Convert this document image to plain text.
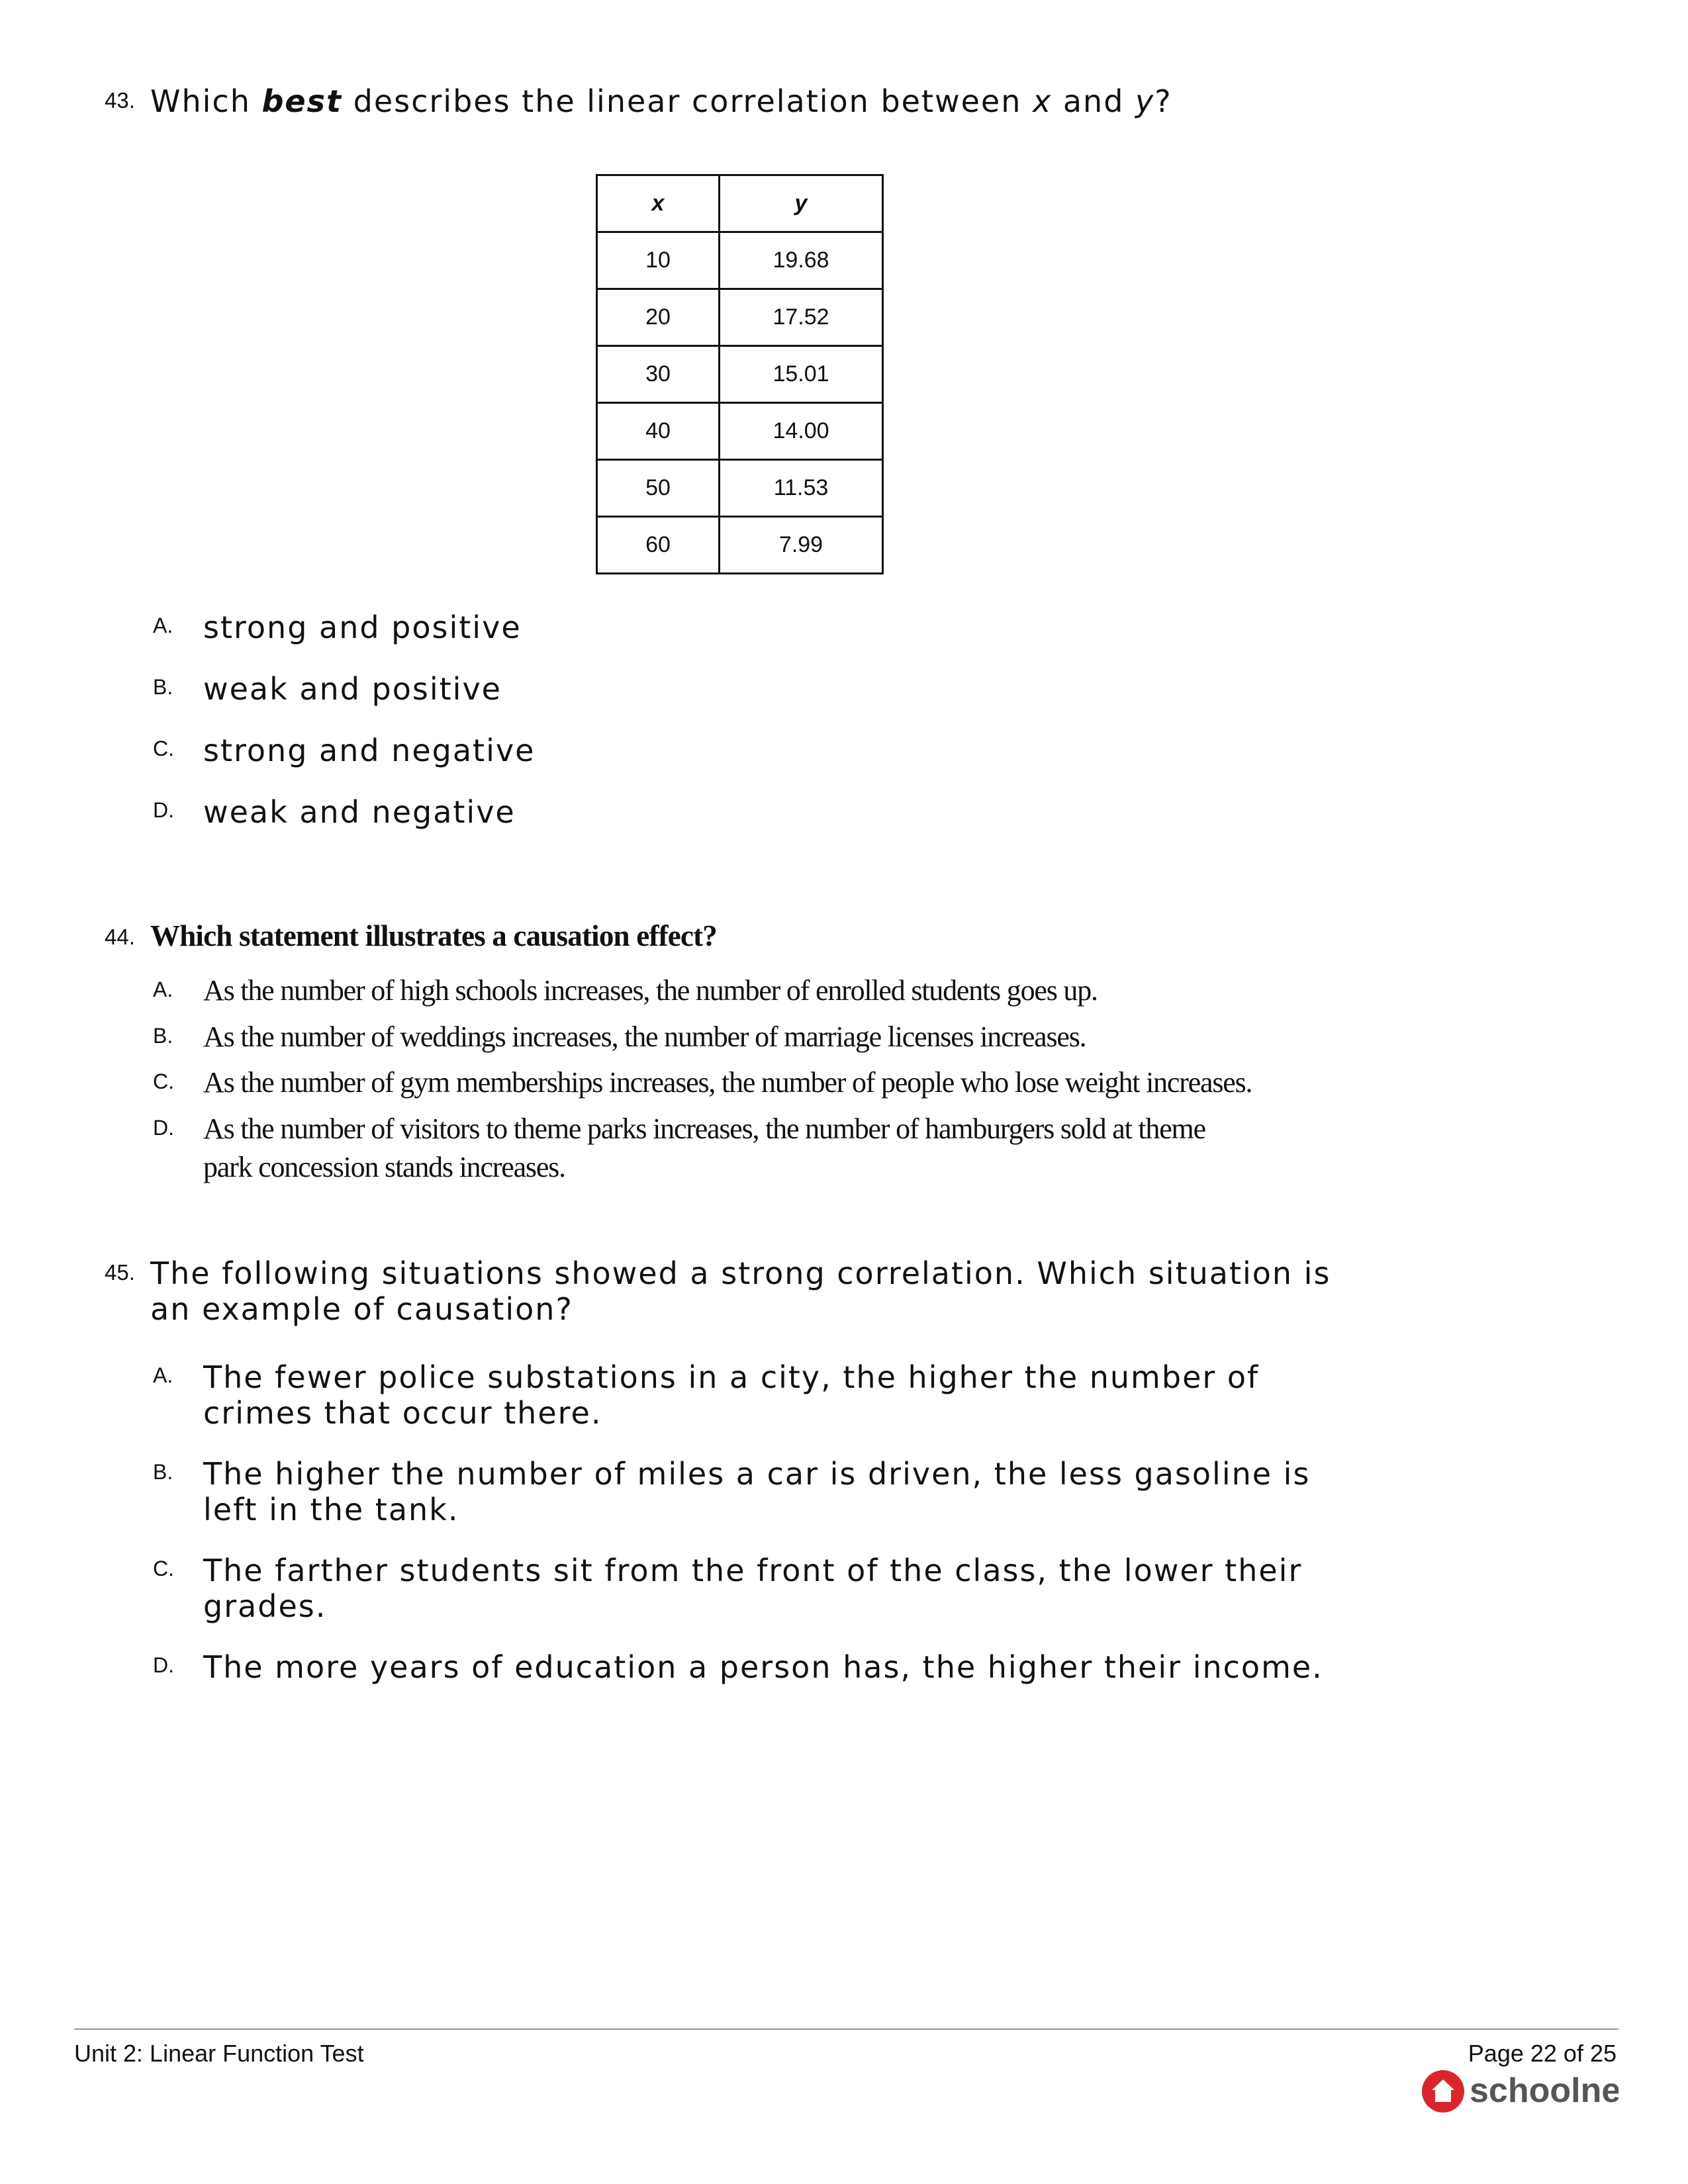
43. Which best describes the linear correlation between x and y?
x	y
10	19.68
20	17.52
30	15.01
40	14.00
50	11.53
60	7.99
A. strong and positive
B. weak and positive
C. strong and negative
D. weak and negative
44. Which statement illustrates a causation effect?
A. As the number of high schools increases, the number of enrolled students goes up.
B. As the number of weddings increases, the number of marriage licenses increases.
C. As the number of gym memberships increases, the number of people who lose weight increases.
D. As the number of visitors to theme parks increases, the number of hamburgers sold at theme
park concession stands increases.
45. The following situations showed a strong correlation. Which situation is
an example of causation?
A. The fewer police substations in a city, the higher the number of
crimes that occur there.
B. The higher the number of miles a car is driven, the less gasoline is
left in the tank.
C. The farther students sit from the front of the class, the lower their
grades.
D. The more years of education a person has, the higher their income.
Unit 2: Linear Function Test	Page 22 of 25
schoolnet
